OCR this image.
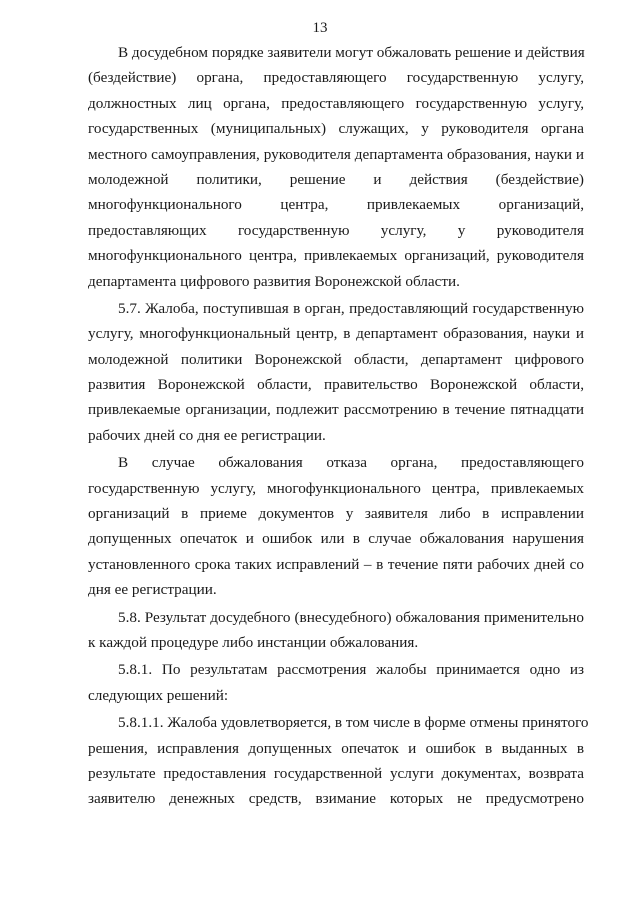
13
В досудебном порядке заявители могут обжаловать решение и действия
(бездействие) органа, предоставляющего государственную услугу,
должностных лиц органа, предоставляющего государственную услугу,
государственных (муниципальных) служащих, у руководителя органа
местного самоуправления, руководителя департамента образования, науки и
молодежной политики, решение и действия (бездействие)
многофункционального центра, привлекаемых организаций,
предоставляющих государственную услугу, у руководителя
многофункционального центра, привлекаемых организаций, руководителя
департамента цифрового развития Воронежской области.
5.7. Жалоба, поступившая в орган, предоставляющий государственную
услугу, многофункциональный центр, в департамент образования, науки и
молодежной политики Воронежской области, департамент цифрового
развития Воронежской области, правительство Воронежской области,
привлекаемые организации, подлежит рассмотрению в течение пятнадцати
рабочих дней со дня ее регистрации.
В случае обжалования отказа органа, предоставляющего
государственную услугу, многофункционального центра, привлекаемых
организаций в приеме документов у заявителя либо в исправлении
допущенных опечаток и ошибок или в случае обжалования нарушения
установленного срока таких исправлений – в течение пяти рабочих дней со
дня ее регистрации.
5.8. Результат досудебного (внесудебного) обжалования применительно
к каждой процедуре либо инстанции обжалования.
5.8.1. По результатам рассмотрения жалобы принимается одно из
следующих решений:
5.8.1.1. Жалоба удовлетворяется, в том числе в форме отмены принятого
решения, исправления допущенных опечаток и ошибок в выданных в
результате предоставления государственной услуги документах, возврата
заявителю денежных средств, взимание которых не предусмотрено
